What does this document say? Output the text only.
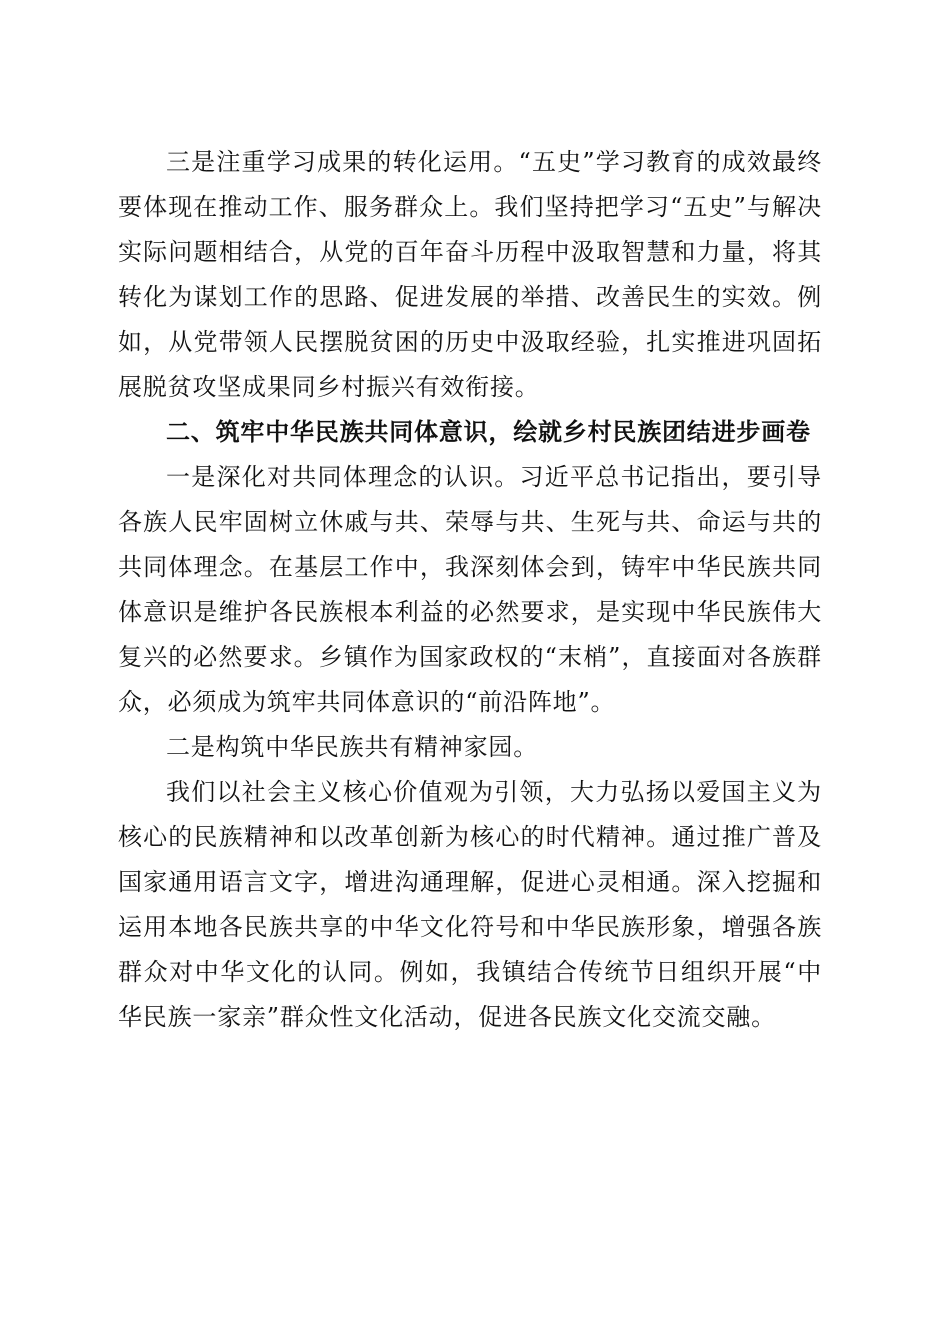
三是注重学习成果的转化运用。“五史”学习教育的成效最终要体现在推动工作、服务群众上。我们坚持把学习“五史”与解决实际问题相结合，从党的百年奋斗历程中汲取智慧和力量，将其转化为谋划工作的思路、促进发展的举措、改善民生的实效。例如，从党带领人民摆脱贫困的历史中汲取经验，扎实推进巩固拓展脱贫攻坚成果同乡村振兴有效衔接。

二、筑牢中华民族共同体意识，绘就乡村民族团结进步画卷

一是深化对共同体理念的认识。习近平总书记指出，要引导各族人民牢固树立休戚与共、荣辱与共、生死与共、命运与共的共同体理念。在基层工作中，我深刻体会到，铸牢中华民族共同体意识是维护各民族根本利益的必然要求，是实现中华民族伟大复兴的必然要求。乡镇作为国家政权的“末梢”，直接面对各族群众，必须成为筑牢共同体意识的“前沿阵地”。

二是构筑中华民族共有精神家园。

我们以社会主义核心价值观为引领，大力弘扬以爱国主义为核心的民族精神和以改革创新为核心的时代精神。通过推广普及国家通用语言文字，增进沟通理解，促进心灵相通。深入挖掘和运用本地各民族共享的中华文化符号和中华民族形象，增强各族群众对中华文化的认同。例如，我镇结合传统节日组织开展“中华民族一家亲”群众性文化活动，促进各民族文化交流交融。
